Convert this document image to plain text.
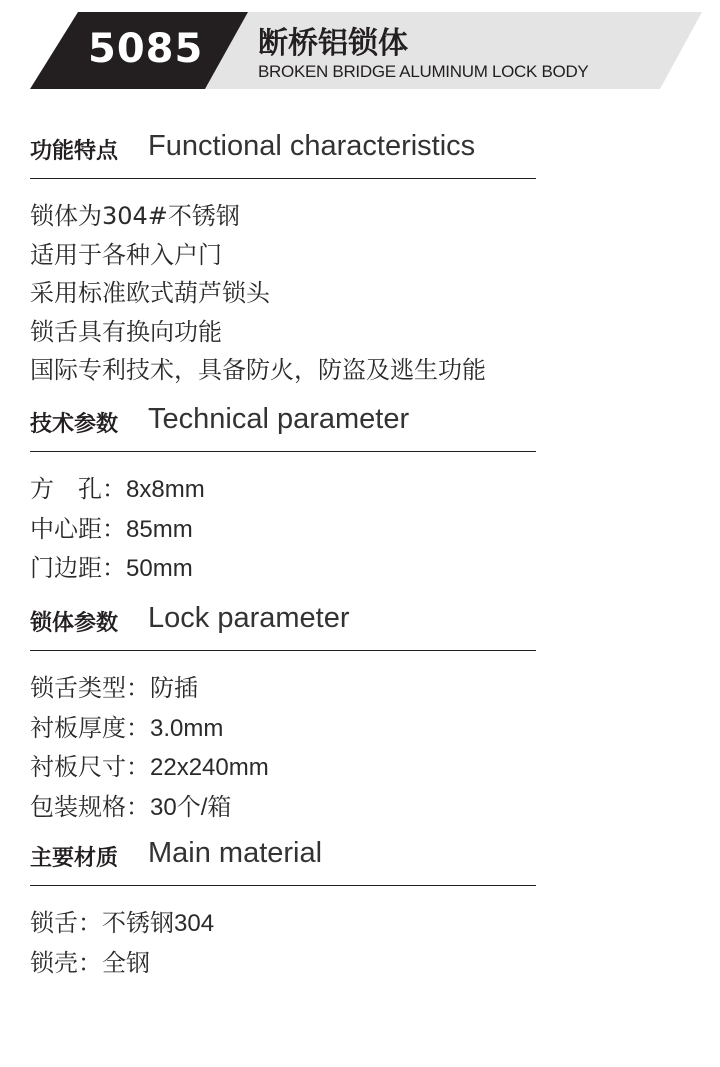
5085 断桥铝锁体
BROKEN BRIDGE ALUMINUM LOCK BODY
功能特点 Functional characteristics
锁体为304#不锈钢
适用于各种入户门
采用标准欧式葫芦锁头
锁舌具有换向功能
国际专利技术，具备防火，防盗及逃生功能
技术参数 Technical parameter
方　孔：8x8mm
中心距：85mm
门边距：50mm
锁体参数 Lock parameter
锁舌类型：防插
衬板厚度：3.0mm
衬板尺寸：22x240mm
包装规格：30个/箱
主要材质 Main material
锁舌：不锈钢304
锁壳：全钢
